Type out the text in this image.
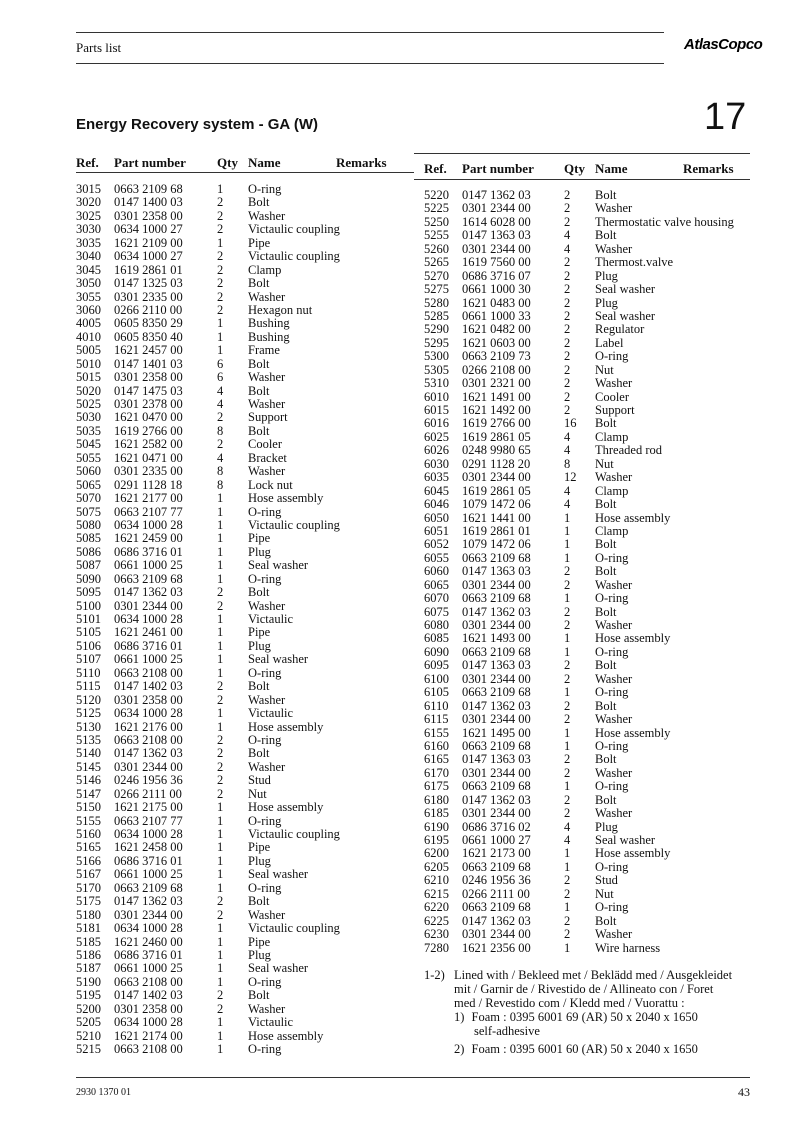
Parts list	AtlasCopco
Energy Recovery system - GA (W)	17
Ref. Part number Qty Name	Remarks
3015 0663 2109 68	1 O-ring
3020 0147 1400 03	2 Bolt
3025 0301 2358 00	2 Washer
3030 0634 1000 27	2 Victaulic coupling
3035 1621 2109 00	1 Pipe
3040 0634 1000 27	2 Victaulic coupling
3045 1619 2861 01	2 Clamp
3050 0147 1325 03	2 Bolt
3055 0301 2335 00	2 Washer
3060 0266 2110 00	2 Hexagon nut
4005 0605 8350 29	1 Bushing
4010 0605 8350 40	1 Bushing
5005 1621 2457 00	1 Frame
5010 0147 1401 03	6 Bolt
5015 0301 2358 00	6 Washer
5020 0147 1475 03	4 Bolt
5025 0301 2378 00	4 Washer
5030 1621 0470 00	2 Support
5035 1619 2766 00	8 Bolt
5045 1621 2582 00	2 Cooler
5055 1621 0471 00	4 Bracket
5060 0301 2335 00	8 Washer
5065 0291 1128 18	8 Lock nut
5070 1621 2177 00	1 Hose assembly
5075 0663 2107 77	1 O-ring
5080 0634 1000 28	1 Victaulic coupling
5085 1621 2459 00	1 Pipe
5086 0686 3716 01	1 Plug
5087 0661 1000 25	1 Seal washer
5090 0663 2109 68	1 O-ring
5095 0147 1362 03	2 Bolt
5100 0301 2344 00	2 Washer
5101 0634 1000 28	1 Victaulic
5105 1621 2461 00	1 Pipe
5106 0686 3716 01	1 Plug
5107 0661 1000 25	1 Seal washer
5110 0663 2108 00	1 O-ring
5115 0147 1402 03	2 Bolt
5120 0301 2358 00	2 Washer
5125 0634 1000 28	1 Victaulic
5130 1621 2176 00	1 Hose assembly
5135 0663 2108 00	2 O-ring
5140 0147 1362 03	2 Bolt
5145 0301 2344 00	2 Washer
5146 0246 1956 36	2 Stud
5147 0266 2111 00	2 Nut
5150 1621 2175 00	1 Hose assembly
5155 0663 2107 77	1 O-ring
5160 0634 1000 28	1 Victaulic coupling
5165 1621 2458 00	1 Pipe
5166 0686 3716 01	1 Plug
5167 0661 1000 25	1 Seal washer
5170 0663 2109 68	1 O-ring
5175 0147 1362 03	2 Bolt
5180 0301 2344 00	2 Washer
5181 0634 1000 28	1 Victaulic coupling
5185 1621 2460 00	1 Pipe
5186 0686 3716 01	1 Plug
5187 0661 1000 25	1 Seal washer
5190 0663 2108 00	1 O-ring
5195 0147 1402 03	2 Bolt
5200 0301 2358 00	2 Washer
5205 0634 1000 28	1 Victaulic
5210 1621 2174 00	1 Hose assembly
5215 0663 2108 00	1 O-ring
Ref. Part number Qty Name	Remarks
5220 0147 1362 03	2 Bolt
5225 0301 2344 00	2 Washer
5250 1614 6028 00	2 Thermostatic valve housing
5255 0147 1363 03	4 Bolt
5260 0301 2344 00	4 Washer
5265 1619 7560 00	2 Thermost.valve
5270 0686 3716 07	2 Plug
5275 0661 1000 30	2 Seal washer
5280 1621 0483 00	2 Plug
5285 0661 1000 33	2 Seal washer
5290 1621 0482 00	2 Regulator
5295 1621 0603 00	2 Label
5300 0663 2109 73	2 O-ring
5305 0266 2108 00	2 Nut
5310 0301 2321 00	2 Washer
6010 1621 1491 00	2 Cooler
6015 1621 1492 00	2 Support
6016 1619 2766 00	16 Bolt
6025 1619 2861 05	4 Clamp
6026 0248 9980 65	4 Threaded rod
6030 0291 1128 20	8 Nut
6035 0301 2344 00	12 Washer
6045 1619 2861 05	4 Clamp
6046 1079 1472 06	4 Bolt
6050 1621 1441 00	1 Hose assembly
6051 1619 2861 01	1 Clamp
6052 1079 1472 06	1 Bolt
6055 0663 2109 68	1 O-ring
6060 0147 1363 03	2 Bolt
6065 0301 2344 00	2 Washer
6070 0663 2109 68	1 O-ring
6075 0147 1362 03	2 Bolt
6080 0301 2344 00	2 Washer
6085 1621 1493 00	1 Hose assembly
6090 0663 2109 68	1 O-ring
6095 0147 1363 03	2 Bolt
6100 0301 2344 00	2 Washer
6105 0663 2109 68	1 O-ring
6110 0147 1362 03	2 Bolt
6115 0301 2344 00	2 Washer
6155 1621 1495 00	1 Hose assembly
6160 0663 2109 68	1 O-ring
6165 0147 1363 03	2 Bolt
6170 0301 2344 00	2 Washer
6175 0663 2109 68	1 O-ring
6180 0147 1362 03	2 Bolt
6185 0301 2344 00	2 Washer
6190 0686 3716 02	4 Plug
6195 0661 1000 27	4 Seal washer
6200 1621 2173 00	1 Hose assembly
6205 0663 2109 68	1 O-ring
6210 0246 1956 36	2 Stud
6215 0266 2111 00	2 Nut
6220 0663 2109 68	1 O-ring
6225 0147 1362 03	2 Bolt
6230 0301 2344 00	2 Washer
7280 1621 2356 00	1 Wire harness
1-2) Lined with / Bekleed met / Beklädd med / Ausgekleidet
mit / Garnir de / Rivestido de / Allineato con / Foret
med / Revestido com / Kledd med / Vuorattu :
1) Foam : 0395 6001 69 (AR) 50 x 2040 x 1650
self-adhesive
2) Foam : 0395 6001 60 (AR) 50 x 2040 x 1650
2930 1370 01	43
